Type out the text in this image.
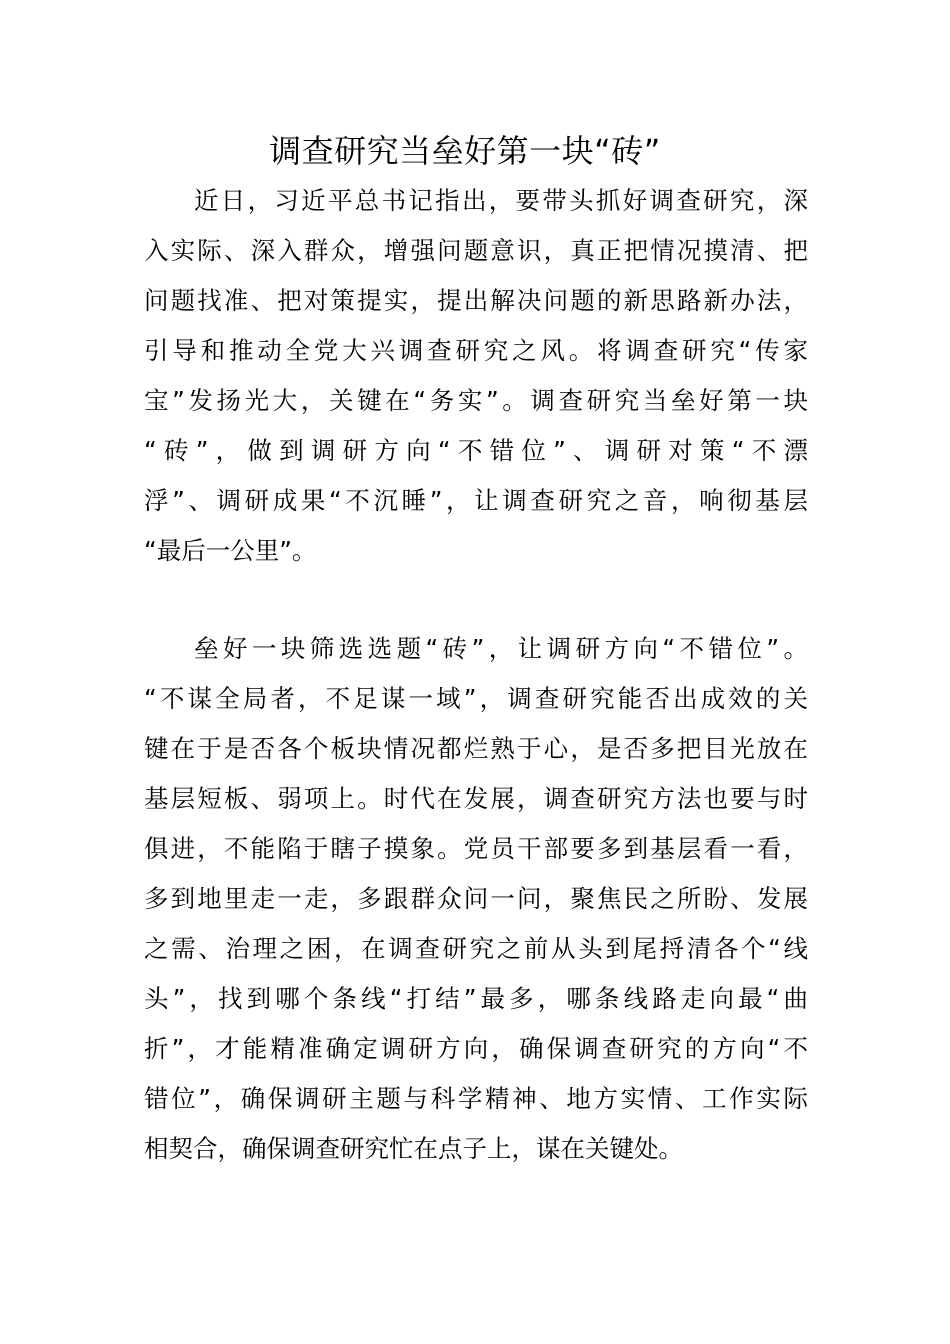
调查研究当垒好第一块“砖”

近日，习近平总书记指出，要带头抓好调查研究，深

入实际、深入群众，增强问题意识，真正把情况摸清、把

问题找准、把对策提实，提出解决问题的新思路新办法，

引导和推动全党大兴调查研究之风。将调查研究“传家

宝”发扬光大，关键在“务实”。调查研究当垒好第一块

“砖”，做到调研方向“不错位”、调研对策“不漂

浮”、调研成果“不沉睡”，让调查研究之音，响彻基层

“最后一公里”。

垒好一块筛选选题“砖”，让调研方向“不错位”。

“不谋全局者，不足谋一域”，调查研究能否出成效的关

键在于是否各个板块情况都烂熟于心，是否多把目光放在

基层短板、弱项上。时代在发展，调查研究方法也要与时

俱进，不能陷于瞎子摸象。党员干部要多到基层看一看，

多到地里走一走，多跟群众问一问，聚焦民之所盼、发展

之需、治理之困，在调查研究之前从头到尾捋清各个“线

头”，找到哪个条线“打结”最多，哪条线路走向最“曲

折”，才能精准确定调研方向，确保调查研究的方向“不

错位”，确保调研主题与科学精神、地方实情、工作实际

相契合，确保调查研究忙在点子上，谋在关键处。
